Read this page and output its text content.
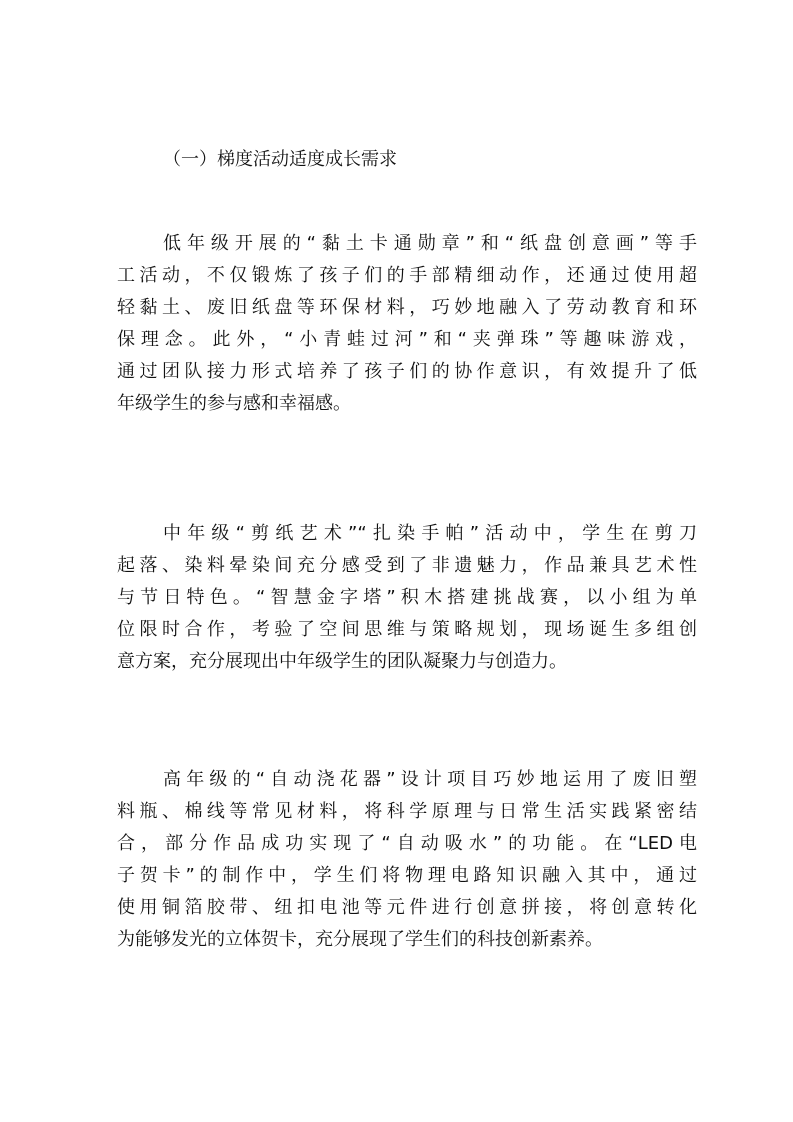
（一）梯度活动适度成长需求
低年级开展的“黏土卡通勋章”和“纸盘创意画”等手
工活动，不仅锻炼了孩子们的手部精细动作，还通过使用超
轻黏土、废旧纸盘等环保材料，巧妙地融入了劳动教育和环
保理念。此外，“小青蛙过河”和“夹弹珠”等趣味游戏，
通过团队接力形式培养了孩子们的协作意识，有效提升了低
年级学生的参与感和幸福感。
中年级“剪纸艺术”“扎染手帕”活动中，学生在剪刀
起落、染料晕染间充分感受到了非遗魅力，作品兼具艺术性
与节日特色。“智慧金字塔”积木搭建挑战赛，以小组为单
位限时合作，考验了空间思维与策略规划，现场诞生多组创
意方案，充分展现出中年级学生的团队凝聚力与创造力。
高年级的“自动浇花器”设计项目巧妙地运用了废旧塑
料瓶、棉线等常见材料，将科学原理与日常生活实践紧密结
合，部分作品成功实现了“自动吸水”的功能。在“LED电
子贺卡”的制作中，学生们将物理电路知识融入其中，通过
使用铜箔胶带、纽扣电池等元件进行创意拼接，将创意转化
为能够发光的立体贺卡，充分展现了学生们的科技创新素养。
